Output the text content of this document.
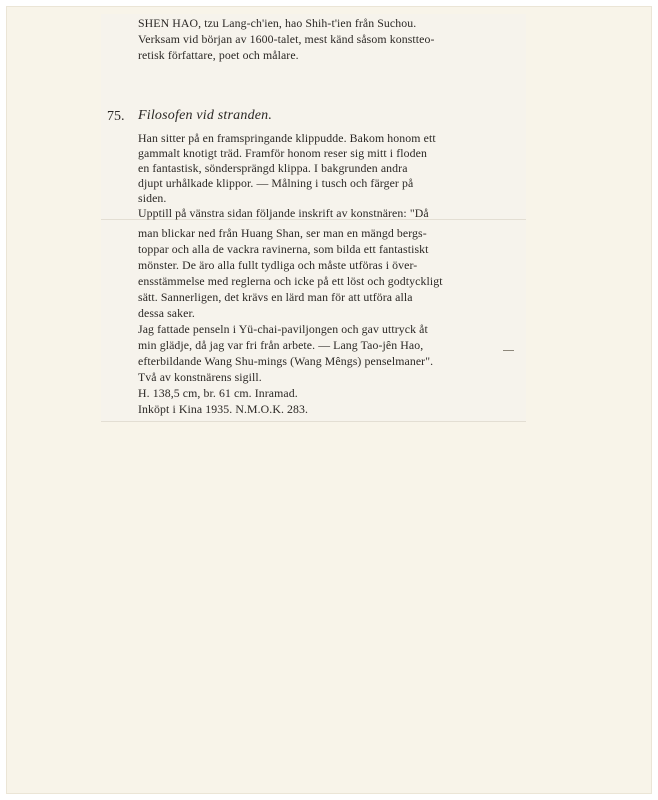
SHEN HAO, tzu Lang-ch'ien, hao Shih-t'ien från Suchou.
Verksam vid början av 1600-talet, mest känd såsom konstteo-
retisk författare, poet och målare.
75. Filosofen vid stranden.
Han sitter på en framspringande klippudde. Bakom honom ett
gammalt knotigt träd. Framför honom reser sig mitt i floden
en fantastisk, söndersprängd klippa. I bakgrunden andra
djupt urhålkade klippor. — Målning i tusch och färger på
siden.
Upptill på vänstra sidan följande inskrift av konstnären: "Då
man blickar ned från Huang Shan, ser man en mängd bergs-
toppar och alla de vackra ravinerna, som bilda ett fantastiskt
mönster. De äro alla fullt tydliga och måste utföras i över-
ensstämmelse med reglerna och icke på ett löst och godtyckligt
sätt. Sannerligen, det krävs en lärd man för att utföra alla
dessa saker.
Jag fattade penseln i Yü-chai-paviljongen och gav uttryck åt
min glädje, då jag var fri från arbete. — Lang Tao-jên Hao,
efterbildande Wang Shu-mings (Wang Mêngs) penselmaner".
Två av konstnärens sigill.
H. 138,5 cm, br. 61 cm. Inramad.
Inköpt i Kina 1935. N.M.O.K. 283.
